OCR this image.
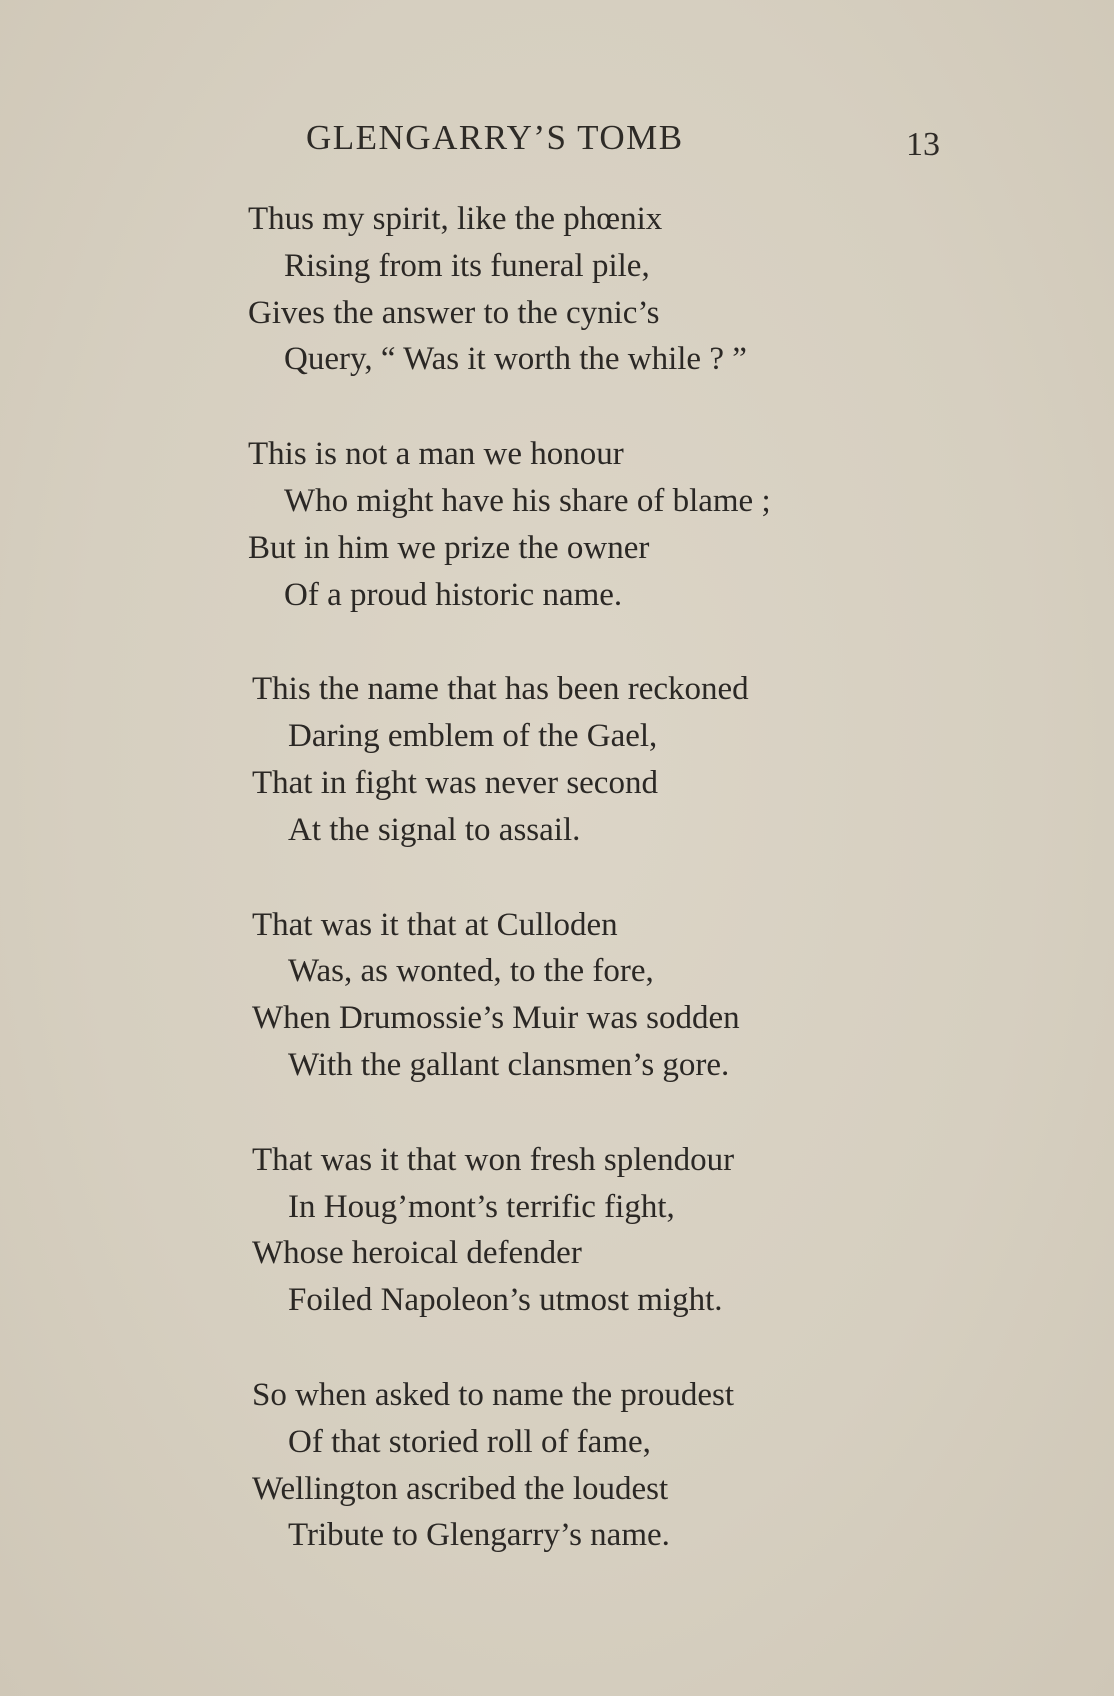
GLENGARRY’S TOMB	13
Thus my spirit, like the phœnix
Rising from its funeral pile,
Gives the answer to the cynic’s
Query, “ Was it worth the while ? ”
This is not a man we honour
Who might have his share of blame ;
But in him we prize the owner
Of a proud historic name.
This the name that has been reckoned
Daring emblem of the Gael,
That in fight was never second
At the signal to assail.
That was it that at Culloden
Was, as wonted, to the fore,
When Drumossie’s Muir was sodden
With the gallant clansmen’s gore.
That was it that won fresh splendour
In Houg’mont’s terrific fight,
Whose heroical defender
Foiled Napoleon’s utmost might.
So when asked to name the proudest
Of that storied roll of fame,
Wellington ascribed the loudest
Tribute to Glengarry’s name.
